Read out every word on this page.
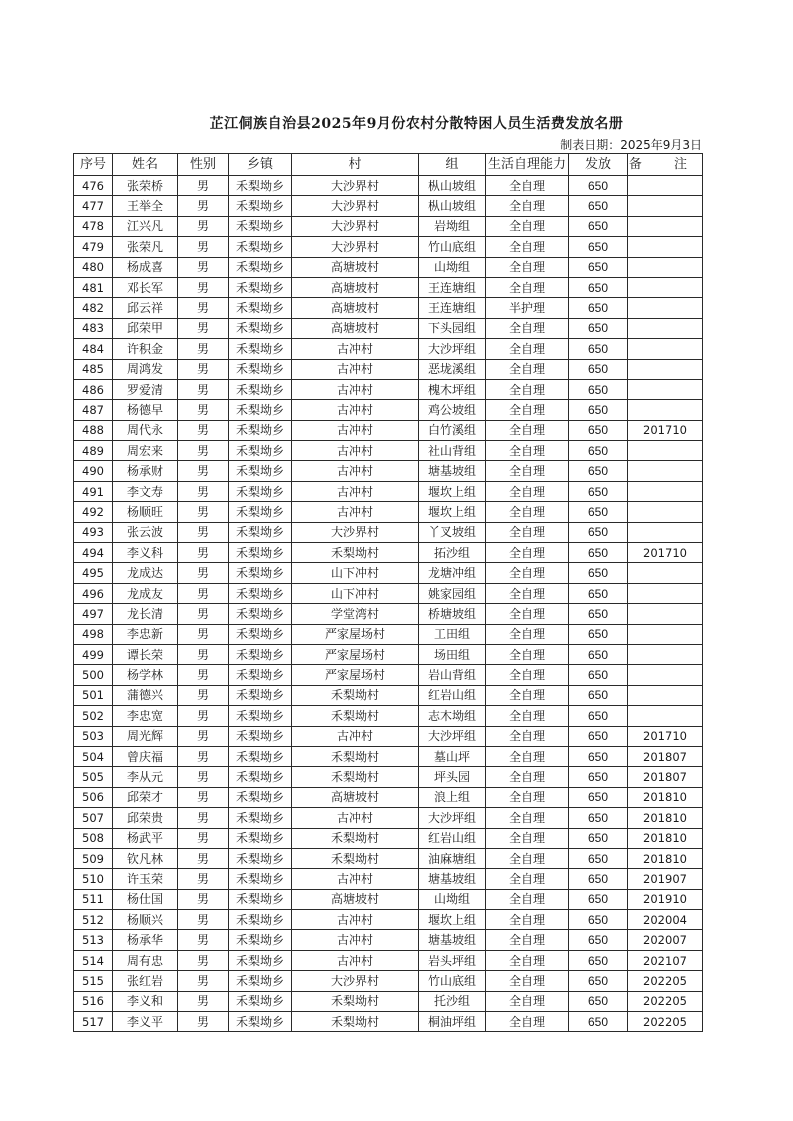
芷江侗族自治县2025年9月份农村分散特困人员生活费发放名册
制表日期：2025年9月3日
序号	姓名	性别	乡镇	村	组	生活自理能力	发放	备 注
476	张荣桥	男	禾梨坳乡	大沙界村	枞山坡组	全自理	650	
477	王举全	男	禾梨坳乡	大沙界村	枞山坡组	全自理	650	
478	江兴凡	男	禾梨坳乡	大沙界村	岩坳组	全自理	650	
479	张荣凡	男	禾梨坳乡	大沙界村	竹山底组	全自理	650	
480	杨成喜	男	禾梨坳乡	高塘坡村	山坳组	全自理	650	
481	邓长军	男	禾梨坳乡	高塘坡村	王连塘组	全自理	650	
482	邱云祥	男	禾梨坳乡	高塘坡村	王连塘组	半护理	650	
483	邱荣甲	男	禾梨坳乡	高塘坡村	下头园组	全自理	650	
484	许积金	男	禾梨坳乡	古冲村	大沙坪组	全自理	650	
485	周鸿发	男	禾梨坳乡	古冲村	恶垅溪组	全自理	650	
486	罗爱清	男	禾梨坳乡	古冲村	槐木坪组	全自理	650	
487	杨德早	男	禾梨坳乡	古冲村	鸡公坡组	全自理	650	
488	周代永	男	禾梨坳乡	古冲村	白竹溪组	全自理	650	201710
489	周宏来	男	禾梨坳乡	古冲村	社山背组	全自理	650	
490	杨承财	男	禾梨坳乡	古冲村	塘基坡组	全自理	650	
491	李文寿	男	禾梨坳乡	古冲村	堰坎上组	全自理	650	
492	杨顺旺	男	禾梨坳乡	古冲村	堰坎上组	全自理	650	
493	张云波	男	禾梨坳乡	大沙界村	丫叉坡组	全自理	650	
494	李义科	男	禾梨坳乡	禾梨坳村	拓沙组	全自理	650	201710
495	龙成达	男	禾梨坳乡	山下冲村	龙塘冲组	全自理	650	
496	龙成友	男	禾梨坳乡	山下冲村	姚家园组	全自理	650	
497	龙长清	男	禾梨坳乡	学堂湾村	桥塘坡组	全自理	650	
498	李忠新	男	禾梨坳乡	严家屋场村	工田组	全自理	650	
499	谭长荣	男	禾梨坳乡	严家屋场村	场田组	全自理	650	
500	杨学林	男	禾梨坳乡	严家屋场村	岩山背组	全自理	650	
501	蒲德兴	男	禾梨坳乡	禾梨坳村	红岩山组	全自理	650	
502	李忠宽	男	禾梨坳乡	禾梨坳村	志木坳组	全自理	650	
503	周光辉	男	禾梨坳乡	古冲村	大沙坪组	全自理	650	201710
504	曾庆福	男	禾梨坳乡	禾梨坳村	墓山坪	全自理	650	201807
505	李从元	男	禾梨坳乡	禾梨坳村	坪头园	全自理	650	201807
506	邱荣才	男	禾梨坳乡	高塘坡村	浪上组	全自理	650	201810
507	邱荣贵	男	禾梨坳乡	古冲村	大沙坪组	全自理	650	201810
508	杨武平	男	禾梨坳乡	禾梨坳村	红岩山组	全自理	650	201810
509	钦凡林	男	禾梨坳乡	禾梨坳村	油麻塘组	全自理	650	201810
510	许玉荣	男	禾梨坳乡	古冲村	塘基坡组	全自理	650	201907
511	杨仕国	男	禾梨坳乡	高塘坡村	山坳组	全自理	650	201910
512	杨顺兴	男	禾梨坳乡	古冲村	堰坎上组	全自理	650	202004
513	杨承华	男	禾梨坳乡	古冲村	塘基坡组	全自理	650	202007
514	周有忠	男	禾梨坳乡	古冲村	岩头坪组	全自理	650	202107
515	张红岩	男	禾梨坳乡	大沙界村	竹山底组	全自理	650	202205
516	李义和	男	禾梨坳乡	禾梨坳村	托沙组	全自理	650	202205
517	李义平	男	禾梨坳乡	禾梨坳村	桐油坪组	全自理	650	202205
